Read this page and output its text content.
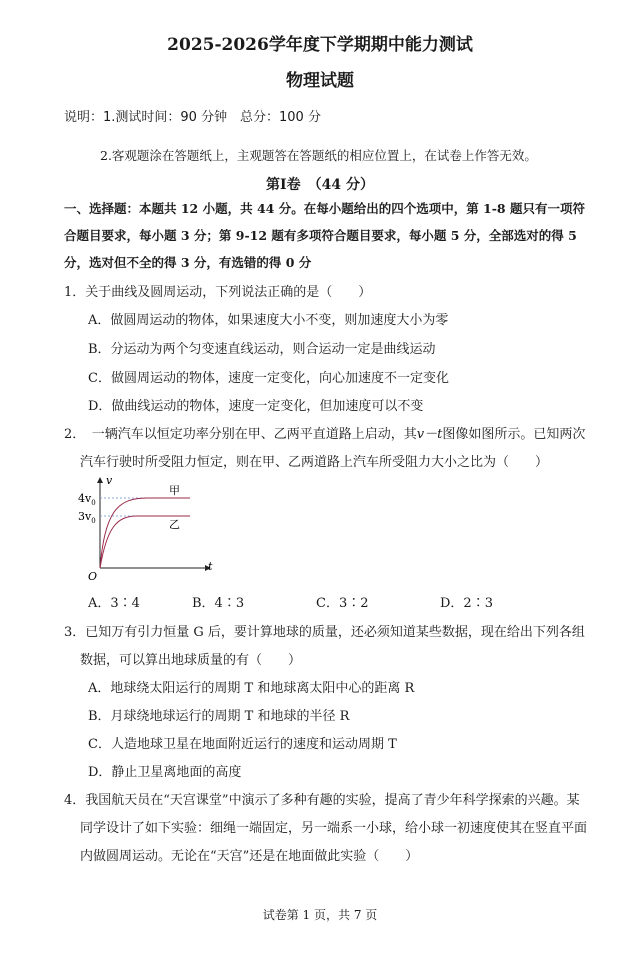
2025-2026学年度下学期期中能力测试
物理试题
说明：1.测试时间：90 分钟 总分：100 分
2.客观题涂在答题纸上，主观题答在答题纸的相应位置上，在试卷上作答无效。
第Ⅰ卷　（44 分）
一、选择题：本题共 12 小题，共 44 分。在每小题给出的四个选项中，第 1-8 题只有一项符
合题目要求，每小题 3 分；第 9-12 题有多项符合题目要求，每小题 5 分，全部选对的得 5
分，选对但不全的得 3 分，有选错的得 0 分
1．关于曲线及圆周运动，下列说法正确的是（　　）
A．做圆周运动的物体，如果速度大小不变，则加速度大小为零
B．分运动为两个匀变速直线运动，则合运动一定是曲线运动
C．做圆周运动的物体，速度一定变化，向心加速度不一定变化
D．做曲线运动的物体，速度一定变化，但加速度可以不变
2．　一辆汽车以恒定功率分别在甲、乙两平直道路上启动，其v－t图像如图所示。已知两次
汽车行驶时所受阻力恒定，则在甲、乙两道路上汽车所受阻力大小之比为（　　）
v
t
O
$4v_0$
$3v_0$
甲
乙
A．3∶4	B．4∶3	C．3∶2	D．2∶3
3．已知万有引力恒量 G 后，要计算地球的质量，还必须知道某些数据，现在给出下列各组
数据，可以算出地球质量的有（　　）
A．地球绕太阳运行的周期 T 和地球离太阳中心的距离 R
B．月球绕地球运行的周期 T 和地球的半径 R
C．人造地球卫星在地面附近运行的速度和运动周期 T
D．静止卫星离地面的高度
4．我国航天员在“天宫课堂”中演示了多种有趣的实验，提高了青少年科学探索的兴趣。某
同学设计了如下实验：细绳一端固定，另一端系一小球，给小球一初速度使其在竖直平面
内做圆周运动。无论在“天宫”还是在地面做此实验（　　）
试卷第 1 页，共 7 页
